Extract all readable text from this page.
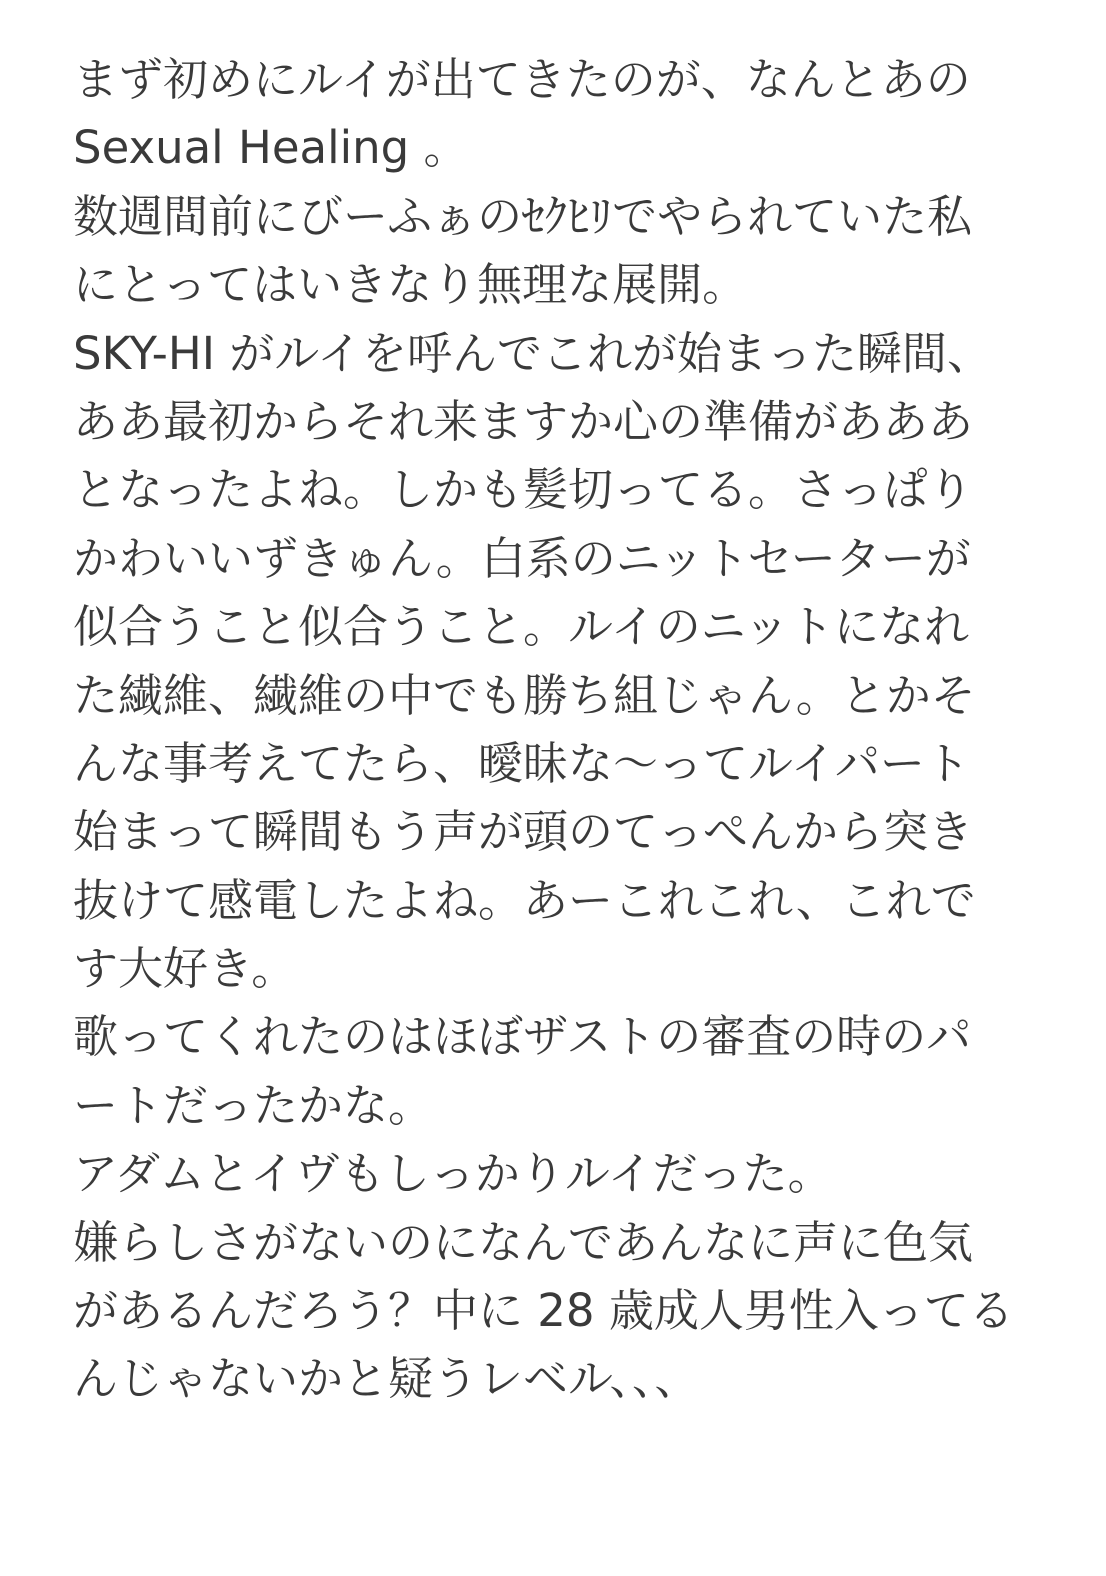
まず初めにルイが出てきたのが、なんとあの
Sexual Healing 。
数週間前にびーふぁのｾｸﾋﾘでやられていた私
にとってはいきなり無理な展開。
SKY-HI がルイを呼んでこれが始まった瞬間、
ああ最初からそれ来ますか心の準備があああ
となったよね。しかも髪切ってる。さっぱり
かわいいずきゅん。白系のニットセーターが
似合うこと似合うこと。ルイのニットになれ
た繊維、繊維の中でも勝ち組じゃん。とかそ
んな事考えてたら、曖昧な〜ってルイパート
始まって瞬間もう声が頭のてっぺんから突き
抜けて感電したよね。あーこれこれ、これで
す大好き。
歌ってくれたのはほぼザストの審査の時のパ
ートだったかな。
アダムとイヴもしっかりルイだった。
嫌らしさがないのになんであんなに声に色気
があるんだろう？中に 28 歳成人男性入ってる
んじゃないかと疑うレベル、、、
